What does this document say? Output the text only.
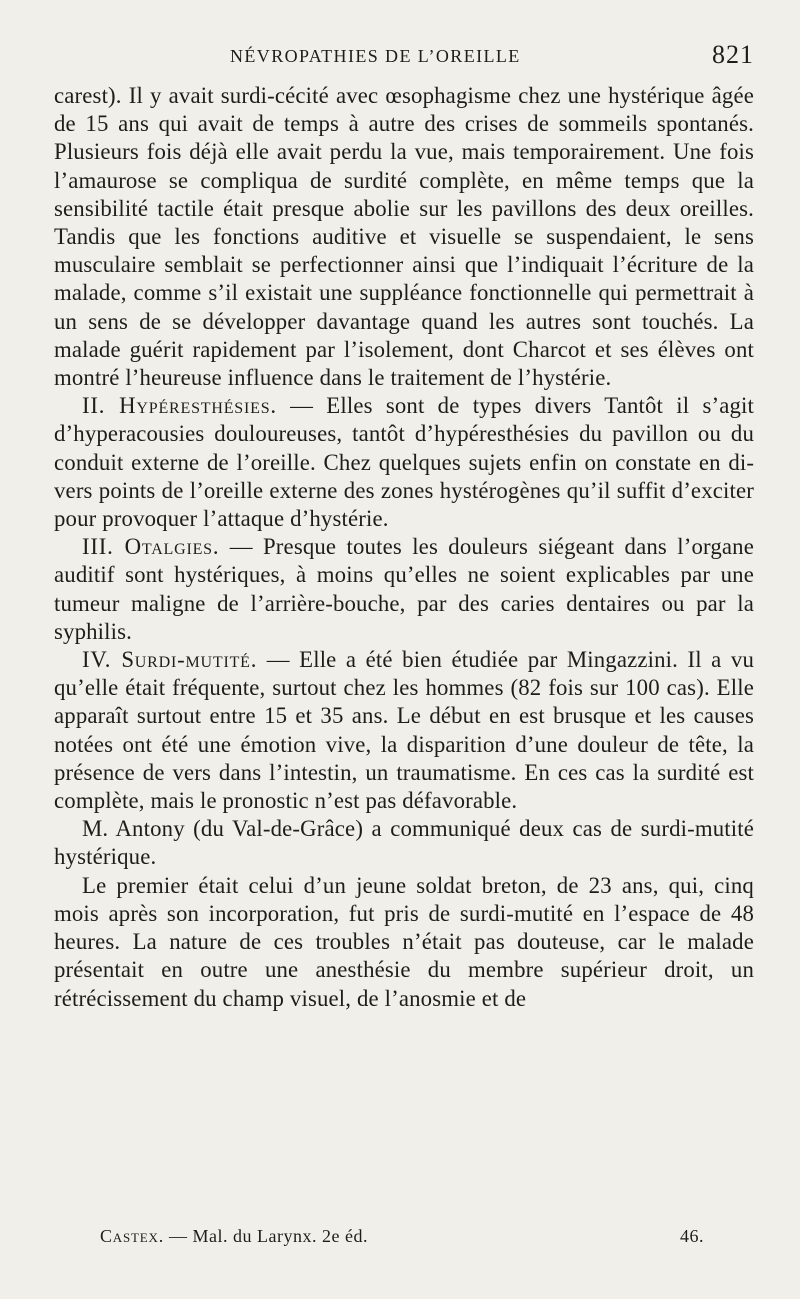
NÉVROPATHIES DE L’OREILLE	821

carest). Il y avait surdi-cécité avec œsophagisme chez une hystérique âgée de 15 ans qui avait de temps à autre des crises de sommeils spontanés. Plusieurs fois déjà elle avait perdu la vue, mais temporairement. Une fois l’amaurose se compliqua de surdité complète, en même temps que la sensibilité tactile était presque abolie sur les pavillons des deux oreilles. Tandis que les fonctions auditive et visuelle se suspendaient, le sens musculaire semblait se perfectionner ainsi que l’indiquait l’écriture de la malade, comme s’il existait une suppléance fonctionnelle qui permettrait à un sens de se développer davantage quand les autres sont touchés. La malade guérit rapidement par l’isolement, dont Charcot et ses élèves ont montré l’heureuse influence dans le traitement de l’hystérie.

II. Hypéresthésies. — Elles sont de types divers Tantôt il s’agit d’hyperacousies douloureuses, tantôt d’hypéresthésies du pavillon ou du conduit externe de l’oreille. Chez quelques sujets enfin on constate en divers points de l’oreille externe des zones hystérogènes qu’il suffit d’exciter pour provoquer l’attaque d’hystérie.

III. Otalgies. — Presque toutes les douleurs siégeant dans l’organe auditif sont hystériques, à moins qu’elles ne soient explicables par une tumeur maligne de l’arrière-bouche, par des caries dentaires ou par la syphilis.

IV. Surdi-mutité. — Elle a été bien étudiée par Mingazzini. Il a vu qu’elle était fréquente, surtout chez les hommes (82 fois sur 100 cas). Elle apparaît surtout entre 15 et 35 ans. Le début en est brusque et les causes notées ont été une émotion vive, la disparition d’une douleur de tête, la présence de vers dans l’intestin, un traumatisme. En ces cas la surdité est complète, mais le pronostic n’est pas défavorable.

M. Antony (du Val-de-Grâce) a communiqué deux cas de surdi-mutité hystérique.

Le premier était celui d’un jeune soldat breton, de 23 ans, qui, cinq mois après son incorporation, fut pris de surdi-mutité en l’espace de 48 heures. La nature de ces troubles n’était pas douteuse, car le malade présentait en outre une anesthésie du membre supérieur droit, un rétrécissement du champ visuel, de l’anosmie et de

Castex. — Mal. du Larynx. 2e éd.	46.
